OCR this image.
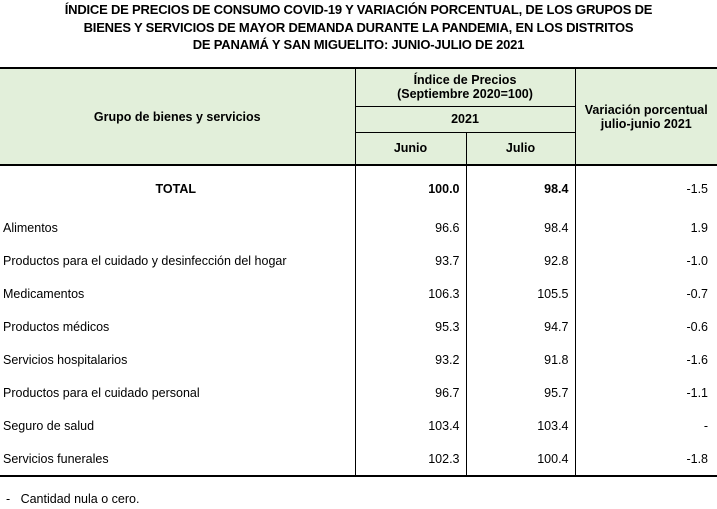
ÍNDICE DE PRECIOS DE CONSUMO COVID-19 Y VARIACIÓN PORCENTUAL, DE LOS GRUPOS DE
BIENES Y SERVICIOS DE MAYOR DEMANDA DURANTE LA PANDEMIA, EN LOS DISTRITOS
DE PANAMÁ Y SAN MIGUELITO: JUNIO-JULIO DE 2021
Grupo de bienes y servicios	
Índice de Precios
(Septiembre 2020=100)

Variación porcentual
julio-junio 2021

	2021		
	Junio	Julio	
TOTAL	100.0	98.4	-1.5
Alimentos	96.6	98.4	1.9
Productos para el cuidado y desinfección del hogar	93.7	92.8	-1.0
Medicamentos	106.3	105.5	-0.7
Productos médicos	95.3	94.7	-0.6
Servicios hospitalarios	93.2	91.8	-1.6
Productos para el cuidado personal	96.7	95.7	-1.1
Seguro de salud	103.4	103.4	-
Servicios funerales	102.3	100.4	-1.8
-   Cantidad nula o cero.
